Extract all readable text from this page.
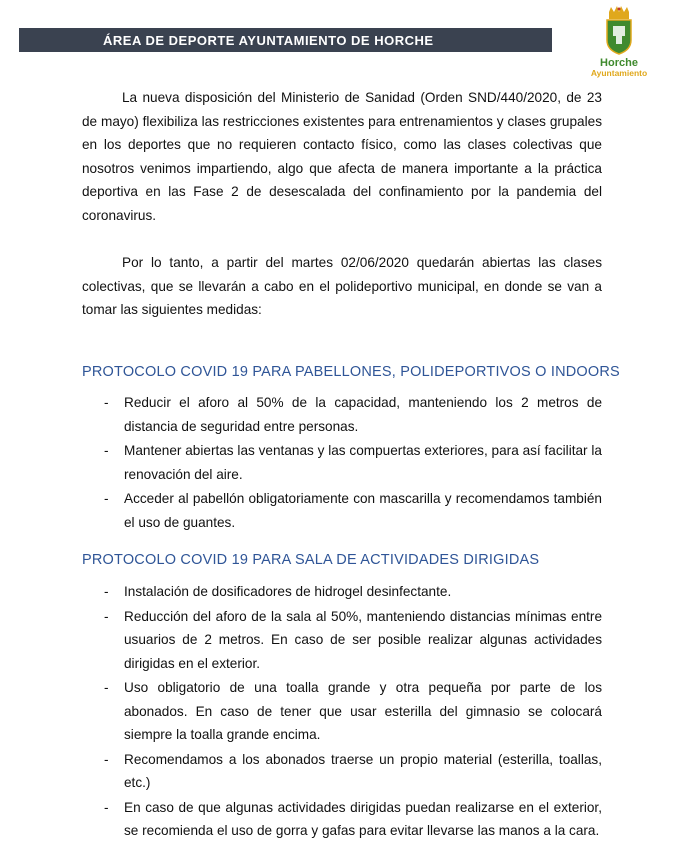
ÁREA DE DEPORTE AYUNTAMIENTO DE HORCHE
Horche
Ayuntamiento

La nueva disposición del Ministerio de Sanidad (Orden SND/440/2020, de 23 de mayo) flexibiliza las restricciones existentes para entrenamientos y clases grupales en los deportes que no requieren contacto físico, como las clases colectivas que nosotros venimos impartiendo, algo que afecta de manera importante a la práctica deportiva en las Fase 2 de desescalada del confinamiento por la pandemia del coronavirus.

Por lo tanto, a partir del martes 02/06/2020 quedarán abiertas las clases colectivas, que se llevarán a cabo en el polideportivo municipal, en donde se van a tomar las siguientes medidas:

PROTOCOLO COVID 19 PARA PABELLONES, POLIDEPORTIVOS O INDOORS
- Reducir el aforo al 50% de la capacidad, manteniendo los 2 metros de distancia de seguridad entre personas.
- Mantener abiertas las ventanas y las compuertas exteriores, para así facilitar la renovación del aire.
- Acceder al pabellón obligatoriamente con mascarilla y recomendamos también el uso de guantes.
PROTOCOLO COVID 19 PARA SALA DE ACTIVIDADES DIRIGIDAS
- Instalación de dosificadores de hidrogel desinfectante.
- Reducción del aforo de la sala al 50%, manteniendo distancias mínimas entre usuarios de 2 metros. En caso de ser posible realizar algunas actividades dirigidas en el exterior.
- Uso obligatorio de una toalla grande y otra pequeña por parte de los abonados. En caso de tener que usar esterilla del gimnasio se colocará siempre la toalla grande encima.
- Recomendamos a los abonados traerse un propio material (esterilla, toallas, etc.)
- En caso de que algunas actividades dirigidas puedan realizarse en el exterior, se recomienda el uso de gorra y gafas para evitar llevarse las manos a la cara.
